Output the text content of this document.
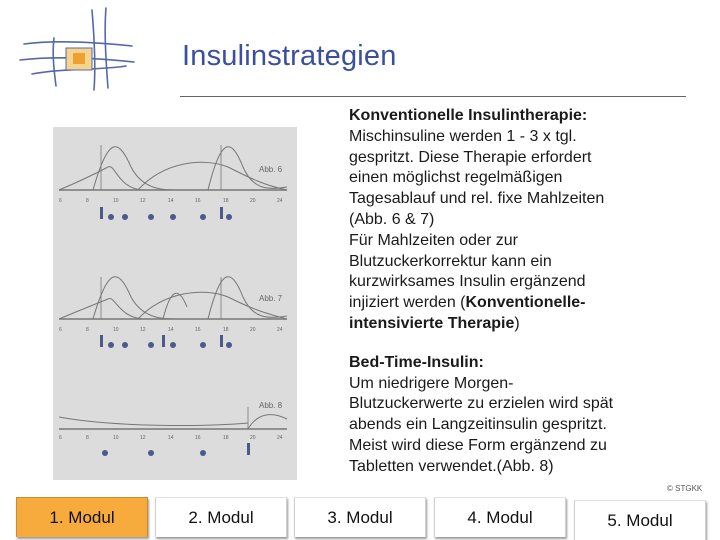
Insulinstrategien
Abb. 6
6	8	10	12	14	16	18	20	24
Abb. 7
6	8	10	12	14	16	18	20	24
Abb. 8
6	8	10	12	14	16	18	20	24

Konventionelle Insulintherapie:

Mischinsuline werden 1 - 3 x tgl.

gespritzt. Diese Therapie erfordert

einen möglichst regelmäßigen

Tagesablauf und rel. fixe Mahlzeiten

(Abb. 6 & 7)

Für Mahlzeiten oder zur

Blutzuckerkorrektur kann ein

kurzwirksames Insulin ergänzend

injiziert werden (Konventionelle-

intensivierte Therapie)

Bed-Time-Insulin:

Um niedrigere Morgen-

Blutzuckerwerte zu erzielen wird spät

abends ein Langzeitinsulin gespritzt.

Meist wird diese Form ergänzend zu

Tabletten verwendet.(Abb. 8)

© STGKK
1. Modul	2. Modul	3. Modul	4. Modul	5. Modul
